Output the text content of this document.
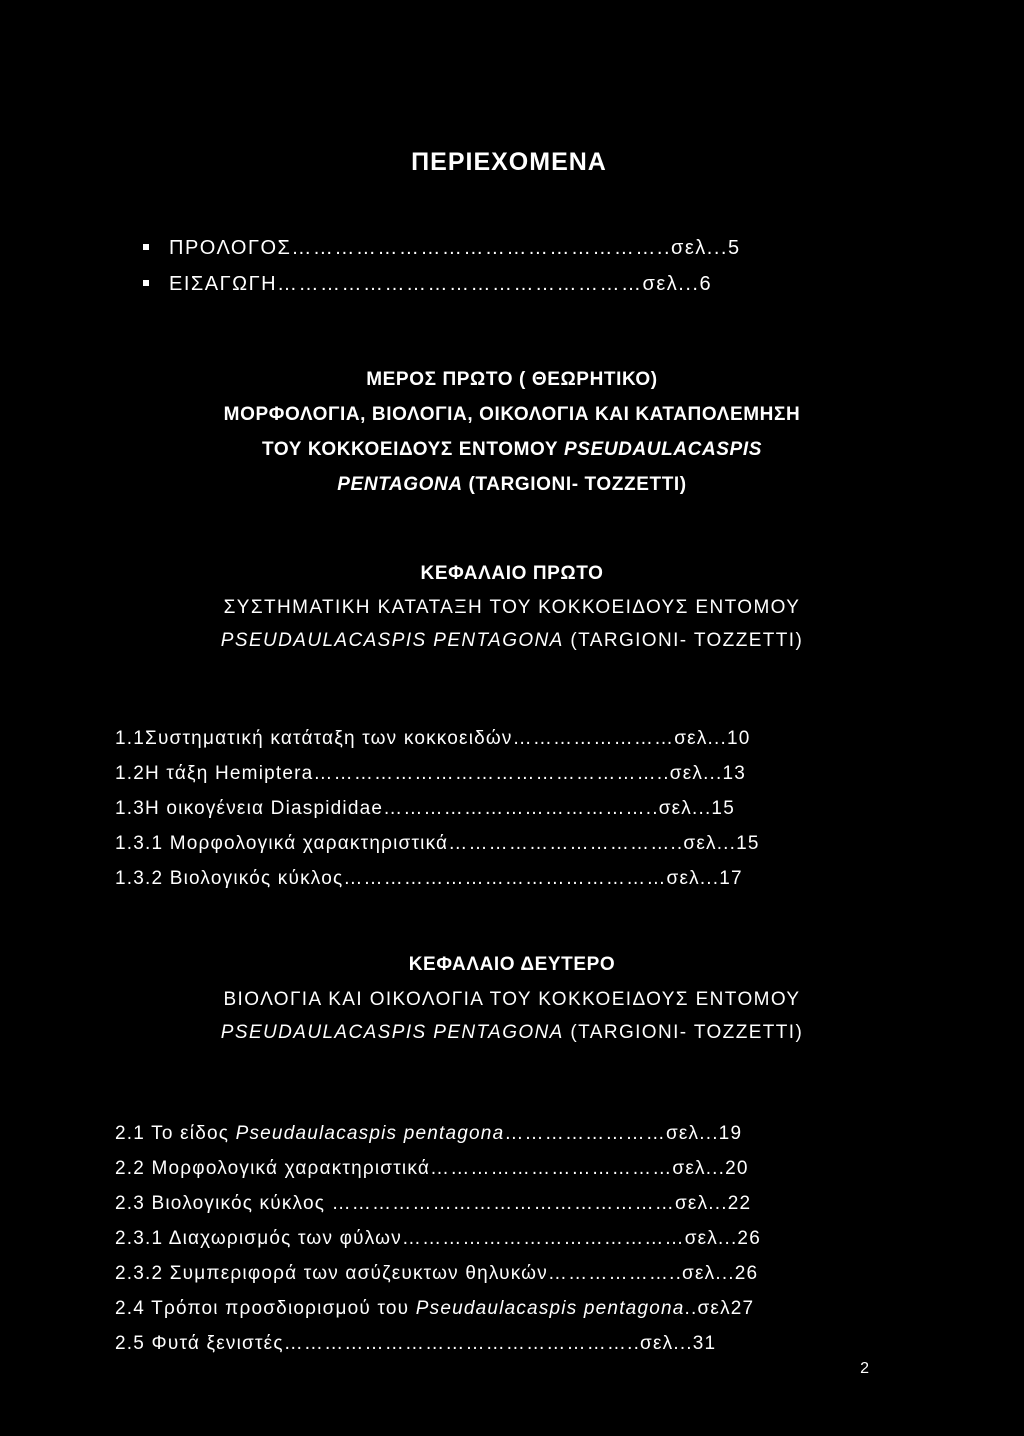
ΠΕΡΙΕΧΟΜΕΝΑ
ΠΡΟΛΟΓΟΣ……………………………………………..σελ...5
ΕΙΣΑΓΩΓΗ……………………………………………σελ...6
ΜΕΡΟΣ ΠΡΩΤΟ ( ΘΕΩΡΗΤΙΚΟ)
ΜΟΡΦΟΛΟΓΙΑ, ΒΙΟΛΟΓΙΑ, ΟΙΚΟΛΟΓΙΑ ΚΑΙ ΚΑΤΑΠΟΛΕΜΗΣΗ
ΤΟΥ ΚΟΚΚΟΕΙΔΟΥΣ ΕΝΤΟΜΟΥ PSEUDAULACASPIS
PENTAGONA (TARGIONI- TOZZETTI)
ΚΕΦΑΛΑΙΟ ΠΡΩΤΟ
ΣΥΣΤΗΜΑΤΙΚΗ ΚΑΤΑΤΑΞΗ ΤΟΥ ΚΟΚΚΟΕΙΔΟΥΣ ΕΝΤΟΜΟΥ
PSEUDAULACASPIS PENTAGONA (TARGIONI- TOZZETTI)
1.1Συστηματική κατάταξη των κοκκοειδών……………………σελ...10
1.2Η τάξη Hemiptera……………………………………………..σελ...13
1.3Η οικογένεια Diaspididae…………………………………..σελ...15
1.3.1 Μορφολογικά χαρακτηριστικά……………………………..σελ...15
1.3.2 Βιολογικός κύκλος…………………………………………σελ...17
ΚΕΦΑΛΑΙΟ ΔΕΥΤΕΡΟ
ΒΙΟΛΟΓΙΑ ΚΑΙ ΟΙΚΟΛΟΓΙΑ ΤΟΥ ΚΟΚΚΟΕΙΔΟΥΣ ΕΝΤΟΜΟΥ
PSEUDAULACASPIS PENTAGONA (TARGIONI- TOZZETTI)
2.1 Το είδος Pseudaulacaspis pentagona……………………σελ...19
2.2 Μορφολογικά χαρακτηριστικά………………………………σελ...20
2.3 Βιολογικός κύκλος ……………………………………………σελ...22
2.3.1 Διαχωρισμός των φύλων……………………………………σελ...26
2.3.2 Συμπεριφορά των ασύζευκτων θηλυκών………………..σελ...26
2.4 Τρόποι προσδιορισμού του Pseudaulacaspis pentagona..σελ27
2.5 Φυτά ξενιστές……………………………………………..σελ...31
2
